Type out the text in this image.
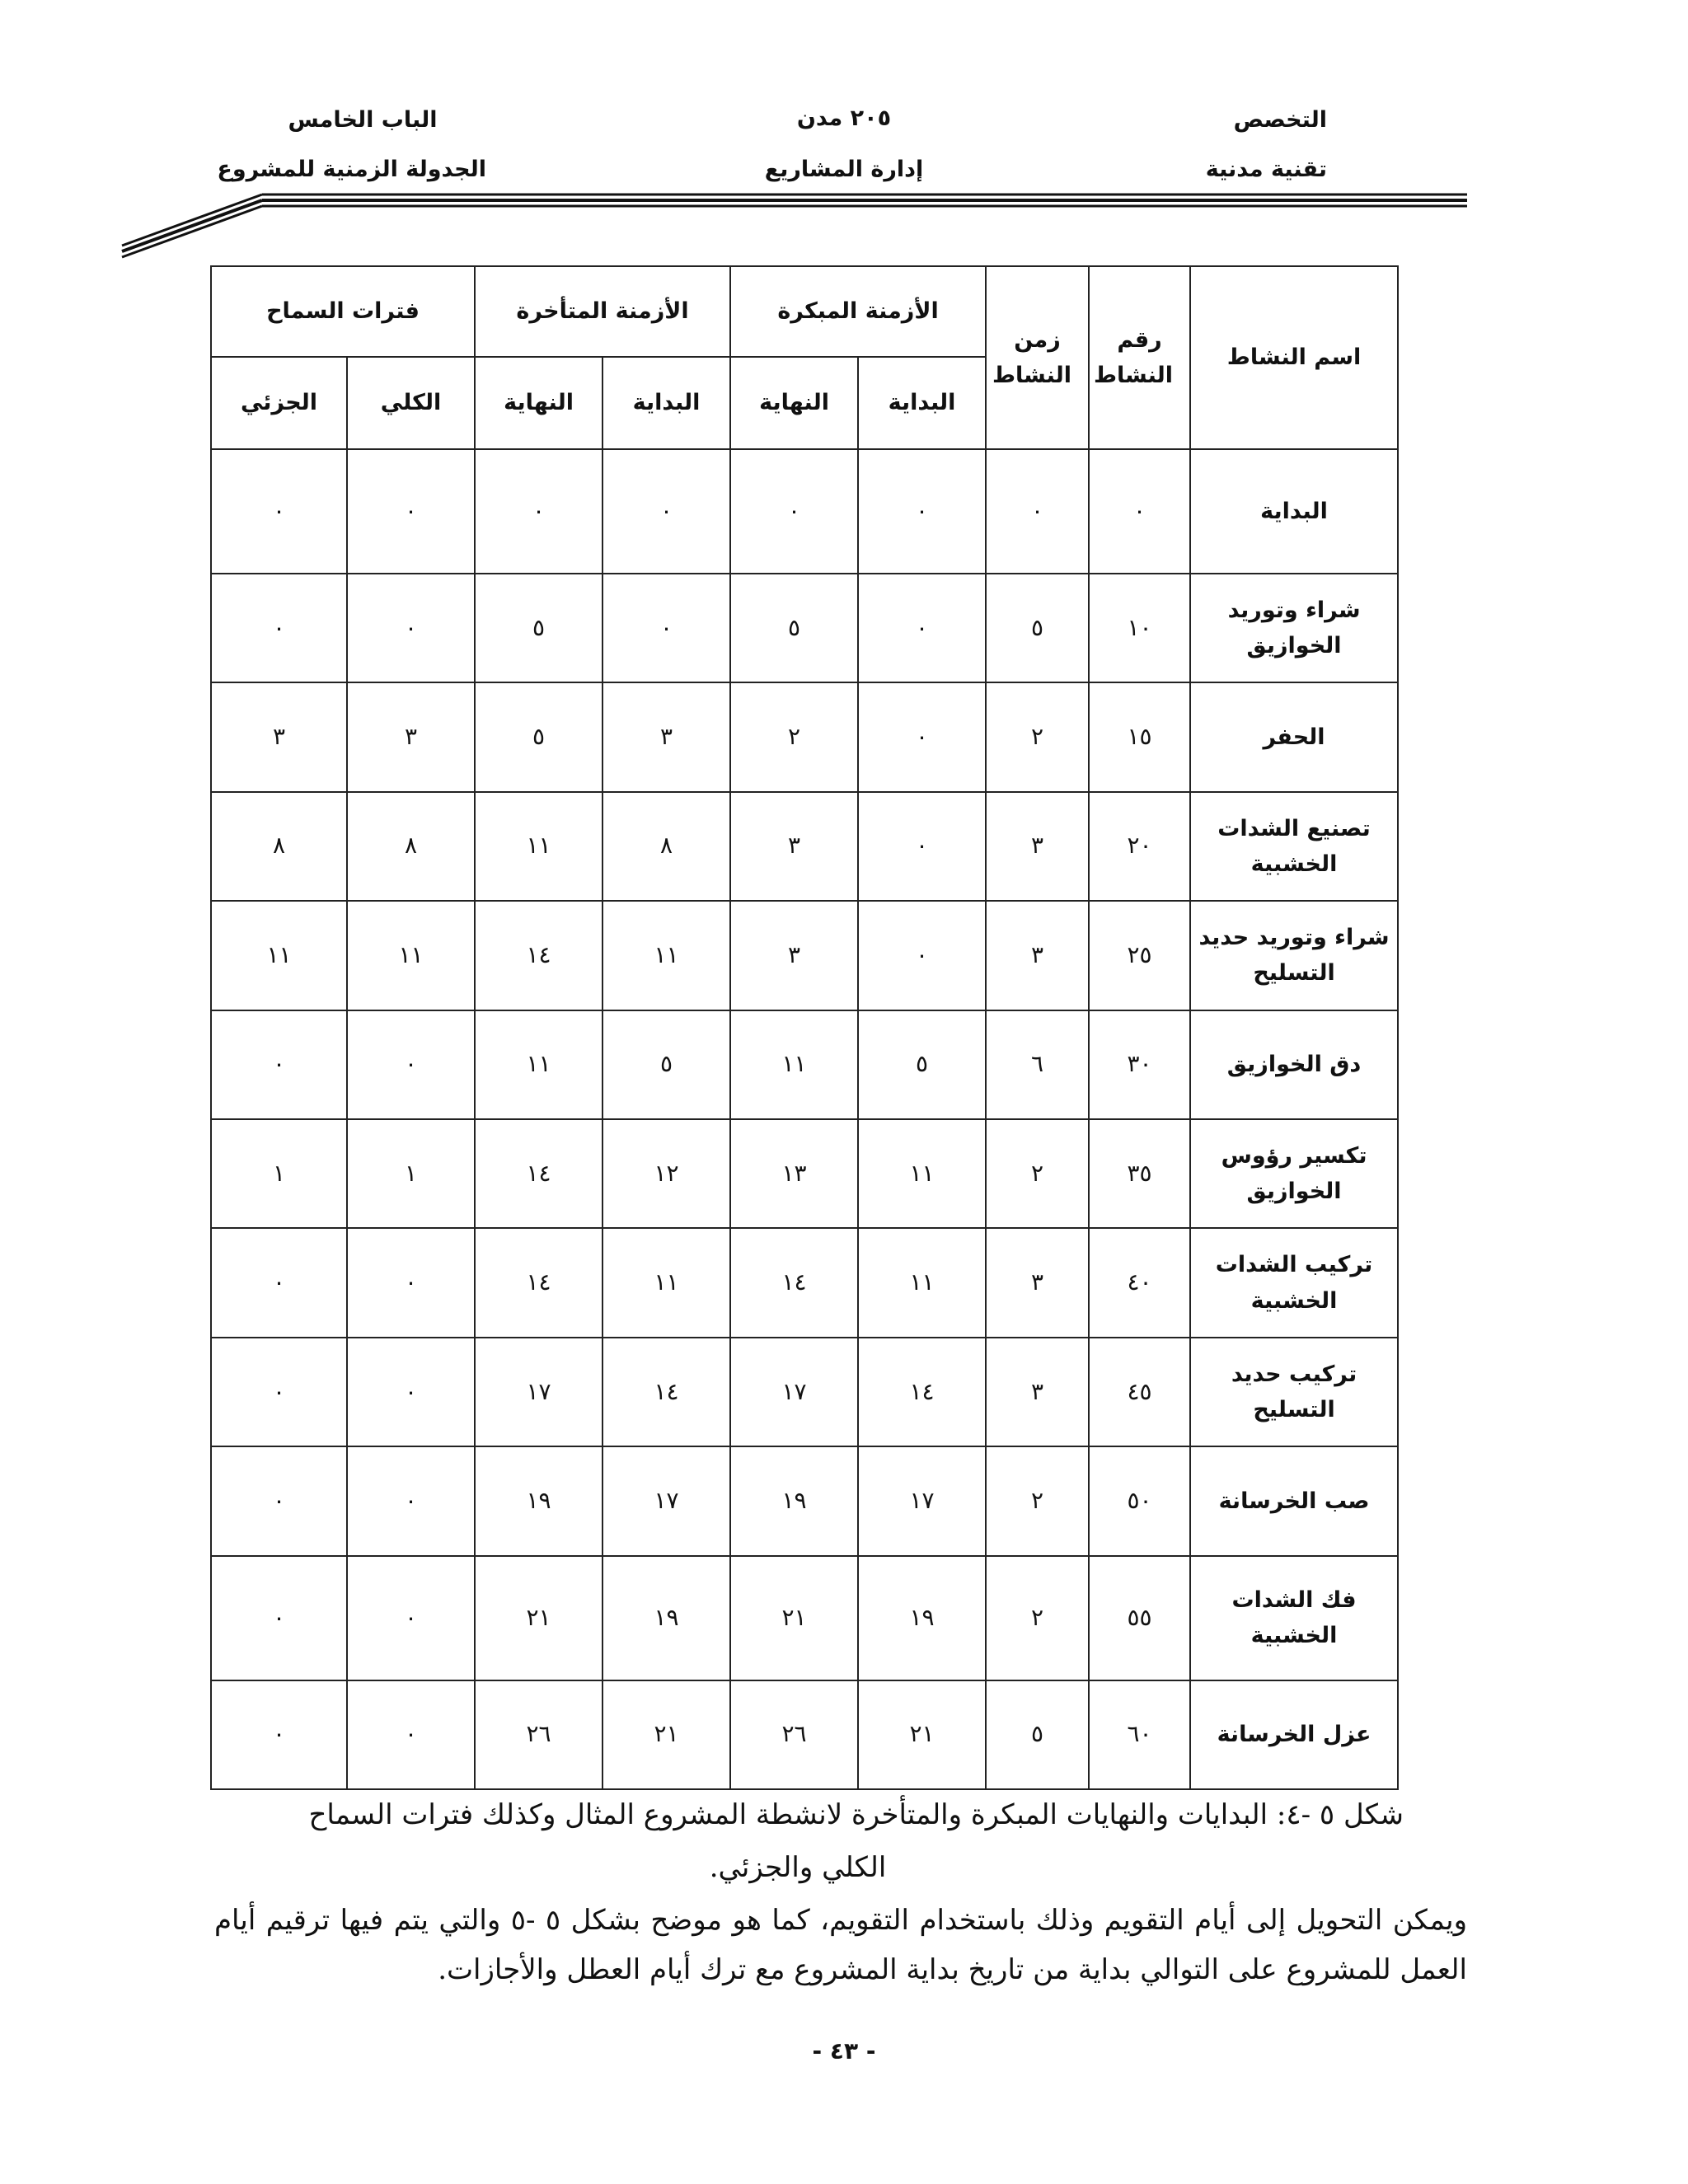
التخصص
تقنية مدنية
٢٠٥ مدن
إدارة المشاريع
الباب الخامس
الجدولة الزمنية للمشروع
اسم النشاط	رقم النشاط	زمن النشاط	الأزمنة المبكرة		الأزمنة المتأخرة		فترات السماح	
			البداية	النهاية	البداية	النهاية	الكلي	الجزئي
البداية	٠	٠	٠	٠	٠	٠	٠	٠
شراء وتوريد الخوازيق	١٠	٥	٠	٥	٠	٥	٠	٠
الحفر	١٥	٢	٠	٢	٣	٥	٣	٣
تصنيع الشدات الخشبية	٢٠	٣	٠	٣	٨	١١	٨	٨
شراء وتوريد حديد التسليح	٢٥	٣	٠	٣	١١	١٤	١١	١١
دق الخوازيق	٣٠	٦	٥	١١	٥	١١	٠	٠
تكسير رؤوس الخوازيق	٣٥	٢	١١	١٣	١٢	١٤	١	١
تركيب الشدات الخشبية	٤٠	٣	١١	١٤	١١	١٤	٠	٠
تركيب حديد التسليح	٤٥	٣	١٤	١٧	١٤	١٧	٠	٠
صب الخرسانة	٥٠	٢	١٧	١٩	١٧	١٩	٠	٠
فك الشدات الخشبية	٥٥	٢	١٩	٢١	١٩	٢١	٠	٠
عزل الخرسانة	٦٠	٥	٢١	٢٦	٢١	٢٦	٠	٠
شكل ٥ -٤: البدايات والنهايات المبكرة والمتأخرة لانشطة المشروع المثال وكذلك فترات السماح
الكلي والجزئي.
ويمكن التحويل إلى أيام التقويم وذلك باستخدام التقويم، كما هو موضح بشكل ٥ -٥ والتي يتم فيها ترقيم أيام العمل للمشروع على التوالي بداية من تاريخ بداية المشروع مع ترك أيام العطل والأجازات.
- ٤٣ -
